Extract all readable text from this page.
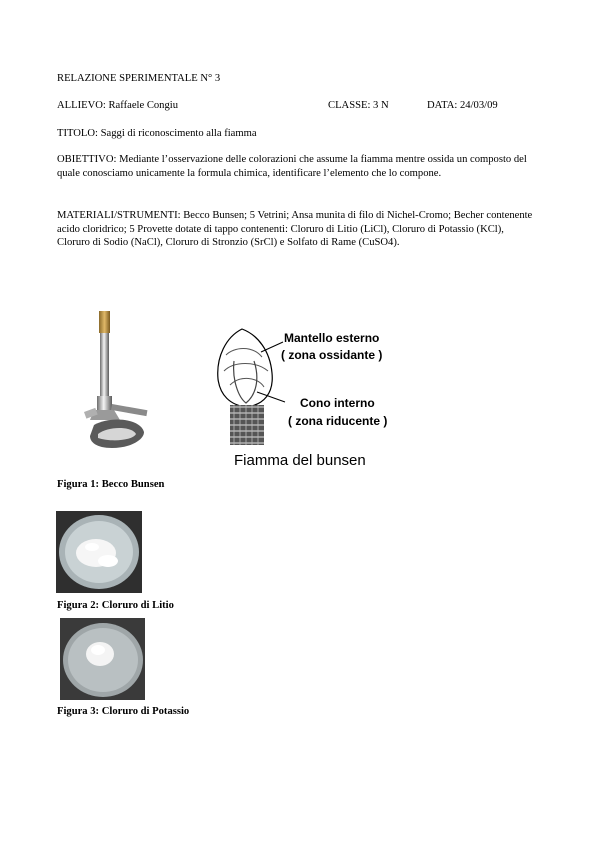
RELAZIONE SPERIMENTALE N° 3
ALLIEVO: Raffaele Congiu	CLASSE: 3 N	DATA: 24/03/09
TITOLO: Saggi di riconoscimento alla fiamma
OBIETTIVO: Mediante l’osservazione delle colorazioni che assume la fiamma mentre ossida un composto del quale conosciamo unicamente la formula chimica, identificare l’elemento che lo compone.
MATERIALI/STRUMENTI: Becco Bunsen; 5 Vetrini; Ansa munita di filo di Nichel-Cromo; Becher contenente acido cloridrico; 5 Provette dotate di tappo contenenti: Cloruro di Litio (LiCl), Cloruro di Potassio (KCl), Cloruro di Sodio (NaCl), Cloruro di Stronzio (SrCl) e Solfato di Rame (CuSO4).
Mantello esterno
( zona ossidante )
Cono interno
( zona riducente )
Fiamma del bunsen
Figura 1: Becco Bunsen
Figura 2: Cloruro di Litio
Figura 3: Cloruro di Potassio
